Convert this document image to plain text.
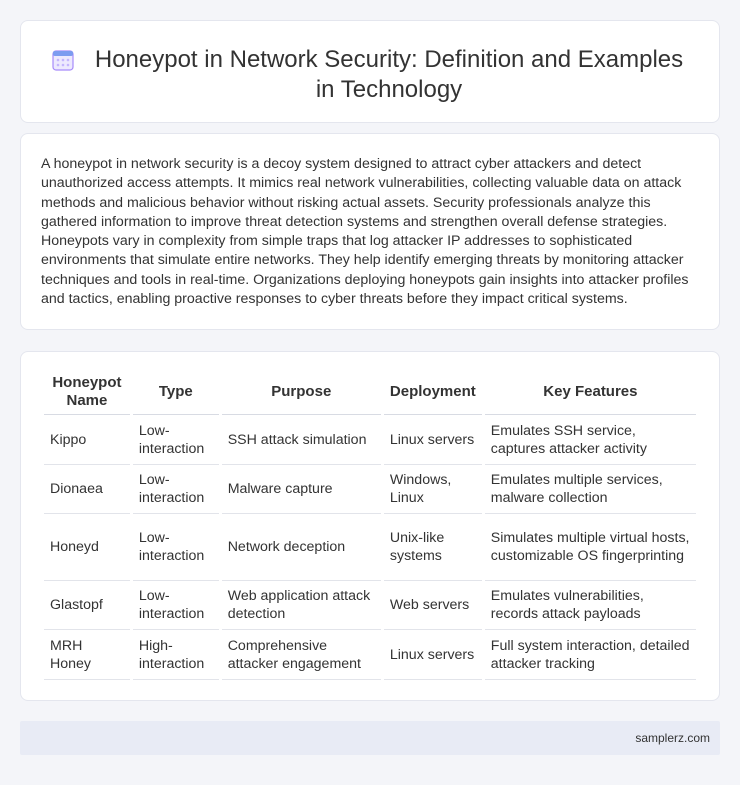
Honeypot in Network Security: Definition and Examples in Technology

A honeypot in network security is a decoy system designed to attract cyber attackers and detect unauthorized access attempts. It mimics real network vulnerabilities, collecting valuable data on attack methods and malicious behavior without risking actual assets. Security professionals analyze this gathered information to improve threat detection systems and strengthen overall defense strategies. Honeypots vary in complexity from simple traps that log attacker IP addresses to sophisticated environments that simulate entire networks. They help identify emerging threats by monitoring attacker techniques and tools in real-time. Organizations deploying honeypots gain insights into attacker profiles and tactics, enabling proactive responses to cyber threats before they impact critical systems.

Honeypot Name	Type	Purpose	Deployment	Key Features
Kippo	Low-interaction	SSH attack simulation	Linux servers	Emulates SSH service, captures attacker activity
Dionaea	Low-interaction	Malware capture	Windows, Linux	Emulates multiple services, malware collection
Honeyd	Low-interaction	Network deception	Unix-like systems	Simulates multiple virtual hosts, customizable OS fingerprinting
Glastopf	Low-interaction	Web application attack detection	Web servers	Emulates vulnerabilities, records attack payloads
MRH Honey	High-interaction	Comprehensive attacker engagement	Linux servers	Full system interaction, detailed attacker tracking
samplerz.com
